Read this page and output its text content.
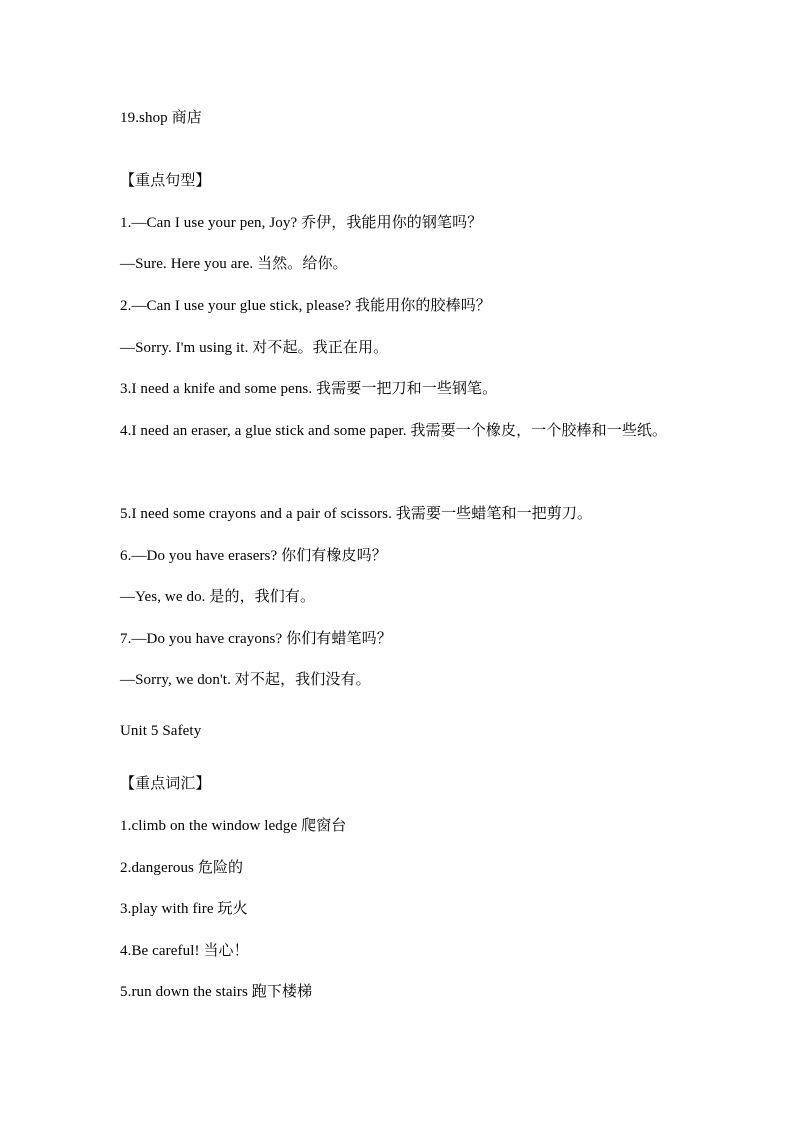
19.shop 商店
【重点句型】
1.—Can I use your pen, Joy? 乔伊，我能用你的钢笔吗？
—Sure. Here you are. 当然。给你。
2.—Can I use your glue stick, please? 我能用你的胶棒吗？
—Sorry. I'm using it. 对不起。我正在用。
3.I need a knife and some pens. 我需要一把刀和一些钢笔。
4.I need an eraser, a glue stick and some paper. 我需要一个橡皮，一个胶棒和一些纸。
5.I need some crayons and a pair of scissors. 我需要一些蜡笔和一把剪刀。
6.—Do you have erasers? 你们有橡皮吗？
—Yes, we do. 是的，我们有。
7.—Do you have crayons? 你们有蜡笔吗？
—Sorry, we don't. 对不起，我们没有。
Unit 5 Safety
【重点词汇】
1.climb on the window ledge 爬窗台
2.dangerous 危险的
3.play with fire 玩火
4.Be careful! 当心！
5.run down the stairs 跑下楼梯
